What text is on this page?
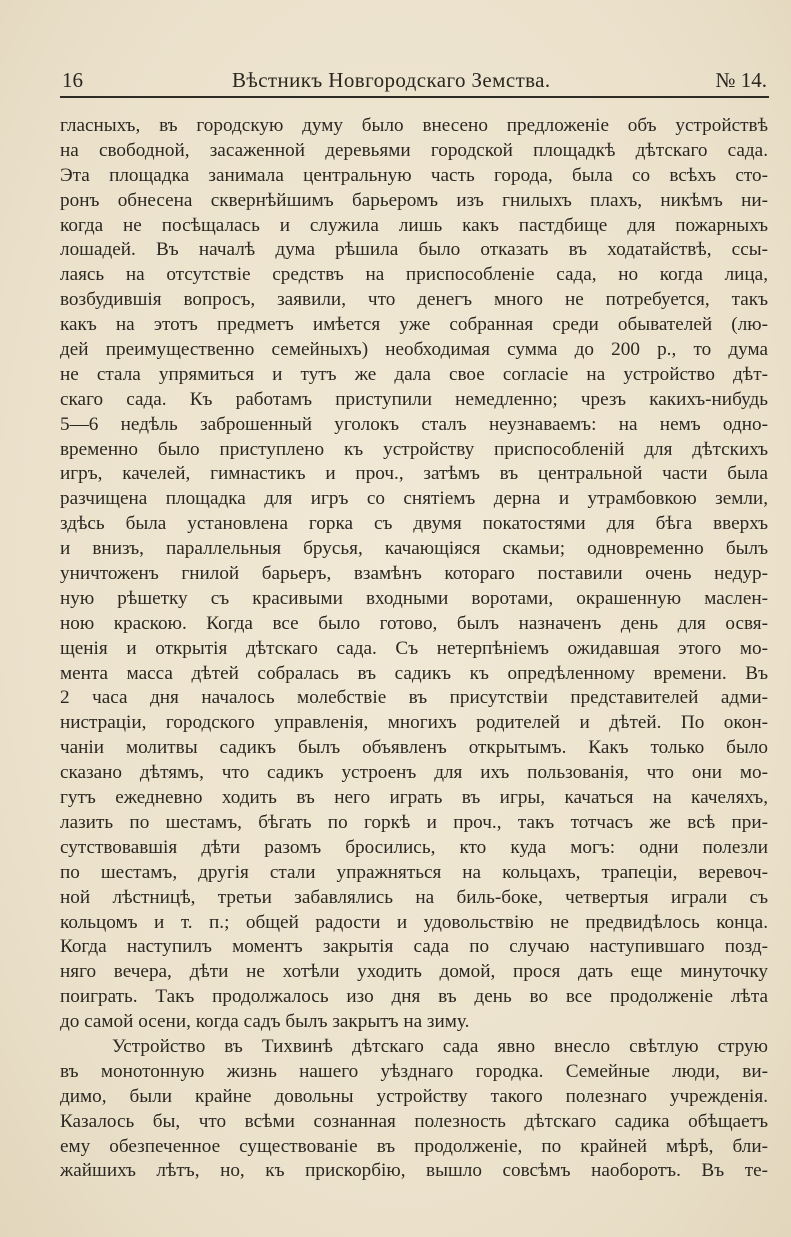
16	Вѣстникъ Новгородскаго Земства.	№ 14.
гласныхъ, въ городскую думу было внесено предложеніе объ устройствѣ
на свободной, засаженной деревьями городской площадкѣ дѣтскаго сада.
Эта площадка занимала центральную часть города, была со всѣхъ сто-
ронъ обнесена сквернѣйшимъ барьеромъ изъ гнилыхъ плахъ, никѣмъ ни-
когда не посѣщалась и служила лишь какъ пастдбище для пожарныхъ
лошадей. Въ началѣ дума рѣшила было отказать въ ходатайствѣ, ссы-
лаясь на отсутствіе средствъ на приспособленіе сада, но когда лица,
возбудившія вопросъ, заявили, что денегъ много не потребуется, такъ
какъ на этотъ предметъ имѣется уже собранная среди обывателей (лю-
дей преимущественно семейныхъ) необходимая сумма до 200 р., то дума
не стала упрямиться и тутъ же дала свое согласіе на устройство дѣт-
скаго сада. Къ работамъ приступили немедленно; чрезъ какихъ-нибудь
5—6 недѣль заброшенный уголокъ сталъ неузнаваемъ: на немъ одно-
временно было приступлено къ устройству приспособленій для дѣтскихъ
игръ, качелей, гимнастикъ и проч., затѣмъ въ центральной части была
разчищена площадка для игръ со снятіемъ дерна и утрамбовкою земли,
здѣсь была установлена горка съ двумя покатостями для бѣга вверхъ
и внизъ, параллельныя брусья, качающіяся скамьи; одновременно былъ
уничтоженъ гнилой барьеръ, взамѣнъ котораго поставили очень недур-
ную рѣшетку съ красивыми входными воротами, окрашенную маслен-
ною краскою. Когда все было готово, былъ назначенъ день для освя-
щенія и открытія дѣтскаго сада. Съ нетерпѣніемъ ожидавшая этого мо-
мента масса дѣтей собралась въ садикъ къ опредѣленному времени. Въ
2 часа дня началось молебствіе въ присутствіи представителей адми-
нистраціи, городского управленія, многихъ родителей и дѣтей. По окон-
чаніи молитвы садикъ былъ объявленъ открытымъ. Какъ только было
сказано дѣтямъ, что садикъ устроенъ для ихъ пользованія, что они мо-
гутъ ежедневно ходить въ него играть въ игры, качаться на качеляхъ,
лазить по шестамъ, бѣгать по горкѣ и проч., такъ тотчасъ же всѣ при-
сутствовавшія дѣти разомъ бросились, кто куда могъ: одни полезли
по шестамъ, другія стали упражняться на кольцахъ, трапеціи, веревоч-
ной лѣстницѣ, третьи забавлялись на биль-боке, четвертыя играли съ
кольцомъ и т. п.; общей радости и удовольствію не предвидѣлось конца.
Когда наступилъ моментъ закрытія сада по случаю наступившаго позд-
няго вечера, дѣти не хотѣли уходить домой, прося дать еще минуточку
поиграть. Такъ продолжалось изо дня въ день во все продолженіе лѣта
до самой осени, когда садъ былъ закрытъ на зиму.
Устройство въ Тихвинѣ дѣтскаго сада явно внесло свѣтлую струю
въ монотонную жизнь нашего уѣзднаго городка. Семейные люди, ви-
димо, были крайне довольны устройству такого полезнаго учрежденія.
Казалось бы, что всѣми сознанная полезность дѣтскаго садика обѣщаетъ
ему обезпеченное существованіе въ продолженіе, по крайней мѣрѣ, бли-
жайшихъ лѣтъ, но, къ прискорбію, вышло совсѣмъ наоборотъ. Въ те-
